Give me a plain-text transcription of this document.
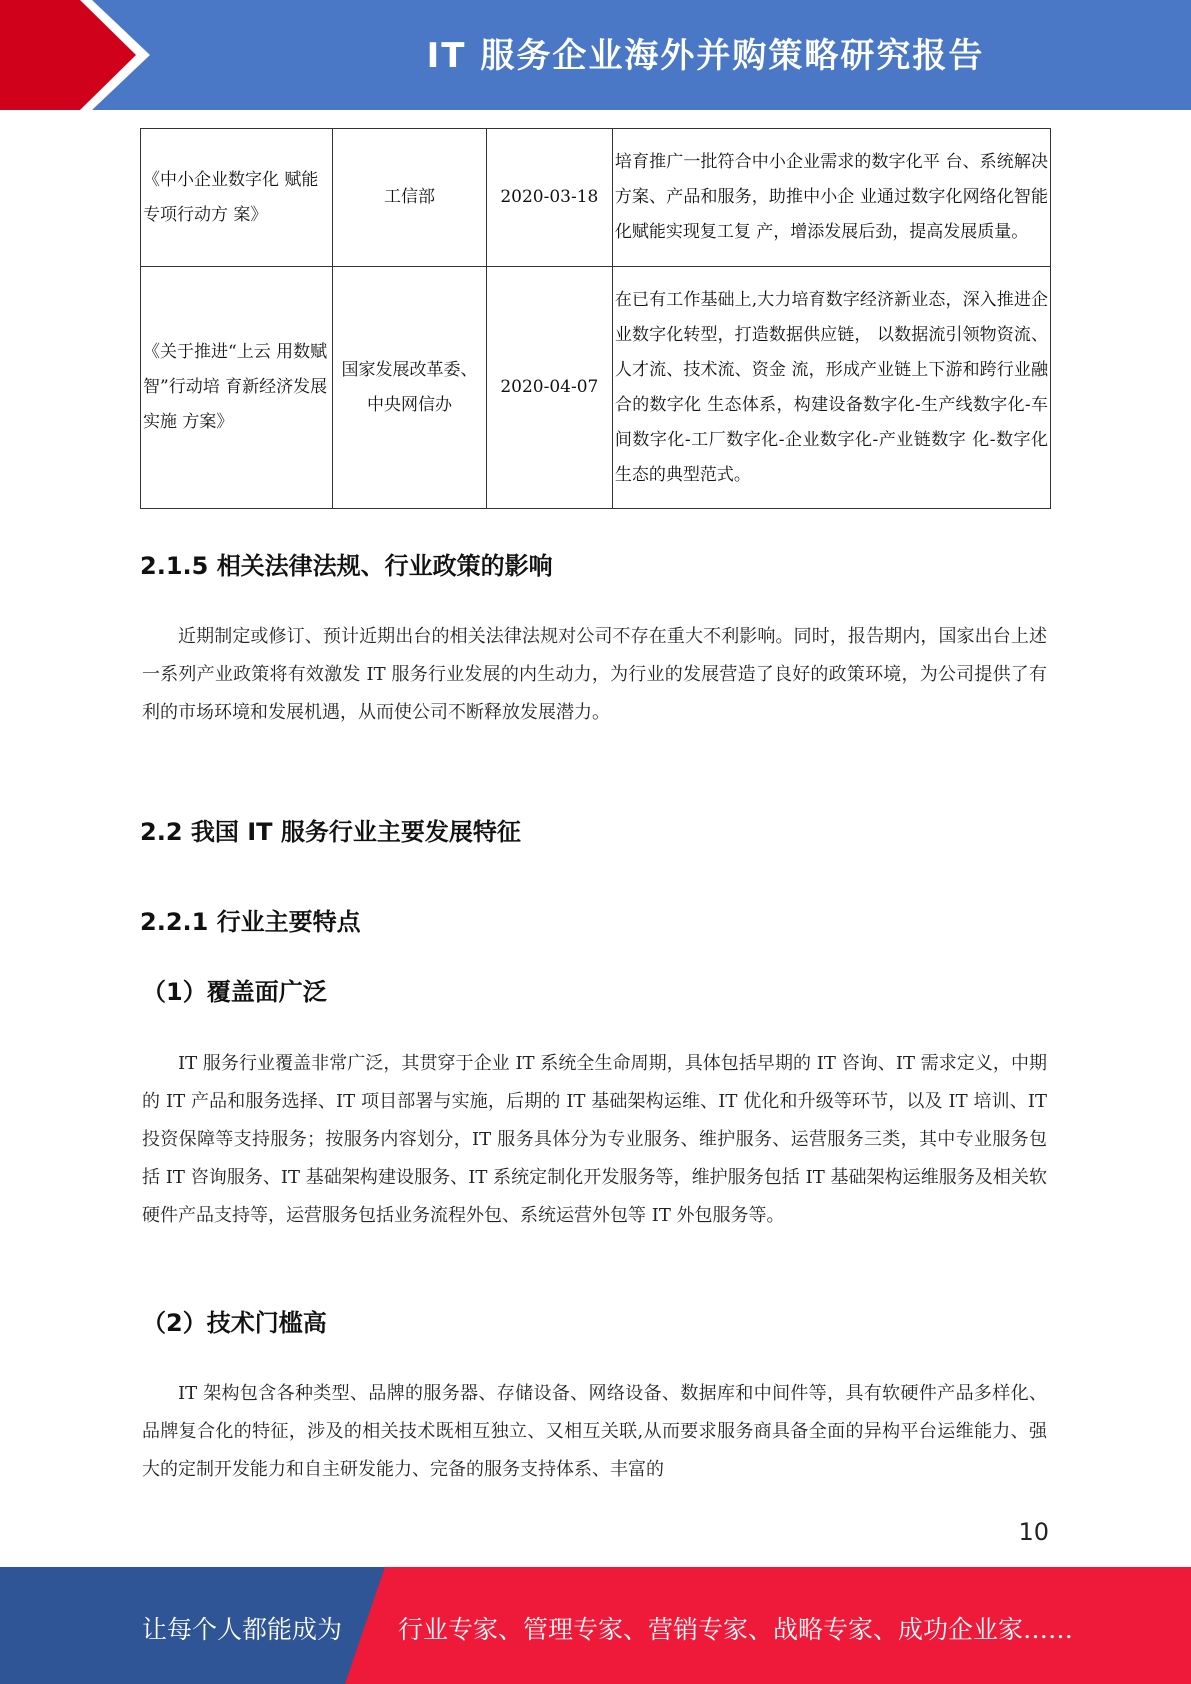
IT 服务企业海外并购策略研究报告
《中小企业数字化 赋能专项行动方 案》	工信部	2020-03-18	培育推广一批符合中小企业需求的数字化平 台、系统解决方案、产品和服务，助推中小企 业通过数字化网络化智能化赋能实现复工复 产，增添发展后劲，提高发展质量。
《关于推进“上云 用数赋智”行动培 育新经济发展实施 方案》	国家发展改革委、中央网信办	2020-04-07	在已有工作基础上,大力培育数字经济新业态，深入推进企业数字化转型，打造数据供应链， 以数据流引领物资流、人才流、技术流、资金 流，形成产业链上下游和跨行业融合的数字化 生态体系，构建设备数字化-生产线数字化-车 间数字化-工厂数字化-企业数字化-产业链数字 化-数字化生态的典型范式。
2.1.5 相关法律法规、行业政策的影响
近期制定或修订、预计近期出台的相关法律法规对公司不存在重大不利影响。同时，报告期内，国家出台上述一系列产业政策将有效激发 IT 服务行业发展的内生动力，为行业的发展营造了良好的政策环境，为公司提供了有利的市场环境和发展机遇，从而使公司不断释放发展潜力。
2.2 我国 IT 服务行业主要发展特征
2.2.1 行业主要特点
（1）覆盖面广泛
IT 服务行业覆盖非常广泛，其贯穿于企业 IT 系统全生命周期，具体包括早期的 IT 咨询、IT 需求定义，中期的 IT 产品和服务选择、IT 项目部署与实施，后期的 IT 基础架构运维、IT 优化和升级等环节，以及 IT 培训、IT 投资保障等支持服务；按服务内容划分，IT 服务具体分为专业服务、维护服务、运营服务三类，其中专业服务包括 IT 咨询服务、IT 基础架构建设服务、IT 系统定制化开发服务等，维护服务包括 IT 基础架构运维服务及相关软硬件产品支持等，运营服务包括业务流程外包、系统运营外包等 IT 外包服务等。
（2）技术门槛高
IT 架构包含各种类型、品牌的服务器、存储设备、网络设备、数据库和中间件等，具有软硬件产品多样化、品牌复合化的特征，涉及的相关技术既相互独立、又相互关联,从而要求服务商具备全面的异构平台运维能力、强大的定制开发能力和自主研发能力、完备的服务支持体系、丰富的
10
让每个人都能成为 行业专家、管理专家、营销专家、战略专家、成功企业家……
